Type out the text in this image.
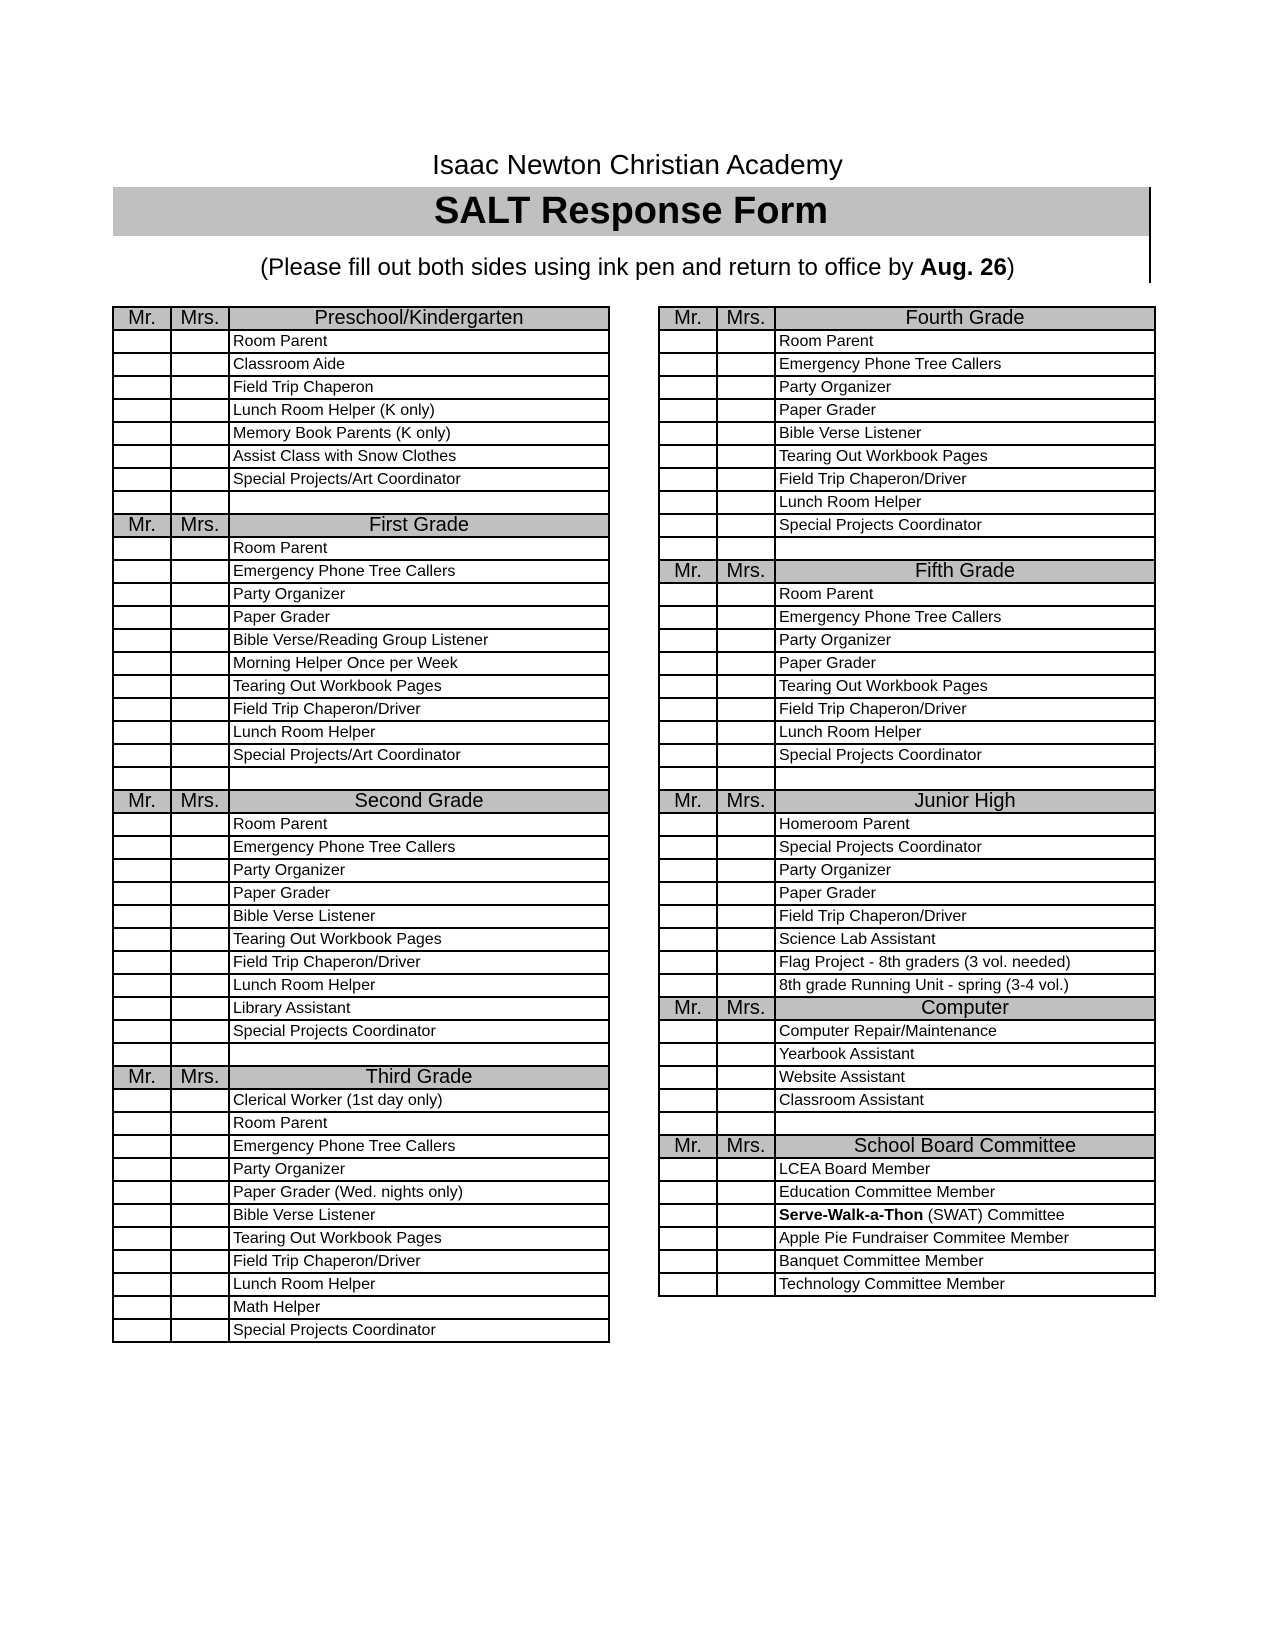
Isaac Newton Christian Academy
SALT Response Form
(Please fill out both sides using ink pen and return to office by Aug. 26)
Mr.	Mrs.	Preschool/Kindergarten
		Room Parent
		Classroom Aide
		Field Trip Chaperon
		Lunch Room Helper (K only)
		Memory Book Parents (K only)
		Assist Class with Snow Clothes
		Special Projects/Art Coordinator

Mr.	Mrs.	First Grade
		Room Parent
		Emergency Phone Tree Callers
		Party Organizer
		Paper Grader
		Bible Verse/Reading Group Listener
		Morning Helper Once per Week
		Tearing Out Workbook Pages
		Field Trip Chaperon/Driver
		Lunch Room Helper
		Special Projects/Art Coordinator

Mr.	Mrs.	Second Grade
		Room Parent
		Emergency Phone Tree Callers
		Party Organizer
		Paper Grader
		Bible Verse Listener
		Tearing Out Workbook Pages
		Field Trip Chaperon/Driver
		Lunch Room Helper
		Library Assistant
		Special Projects Coordinator

Mr.	Mrs.	Third Grade
		Clerical Worker (1st day only)
		Room Parent
		Emergency Phone Tree Callers
		Party Organizer
		Paper Grader (Wed. nights only)
		Bible Verse Listener
		Tearing Out Workbook Pages
		Field Trip Chaperon/Driver
		Lunch Room Helper
		Math Helper
		Special Projects Coordinator
Mr.	Mrs.	Fourth Grade
		Room Parent
		Emergency Phone Tree Callers
		Party Organizer
		Paper Grader
		Bible Verse Listener
		Tearing Out Workbook Pages
		Field Trip Chaperon/Driver
		Lunch Room Helper
		Special Projects Coordinator

Mr.	Mrs.	Fifth Grade
		Room Parent
		Emergency Phone Tree Callers
		Party Organizer
		Paper Grader
		Tearing Out Workbook Pages
		Field Trip Chaperon/Driver
		Lunch Room Helper
		Special Projects Coordinator

Mr.	Mrs.	Junior High
		Homeroom Parent
		Special Projects Coordinator
		Party Organizer
		Paper Grader
		Field Trip Chaperon/Driver
		Science Lab Assistant
		Flag Project - 8th graders (3 vol. needed)
		8th grade Running Unit - spring (3-4 vol.)
Mr.	Mrs.	Computer
		Computer Repair/Maintenance
		Yearbook Assistant
		Website Assistant
		Classroom Assistant

Mr.	Mrs.	School Board Committee
		LCEA Board Member
		Education Committee Member
		Serve-Walk-a-Thon (SWAT) Committee
		Apple Pie Fundraiser Commitee Member
		Banquet Committee Member
		Technology Committee Member
